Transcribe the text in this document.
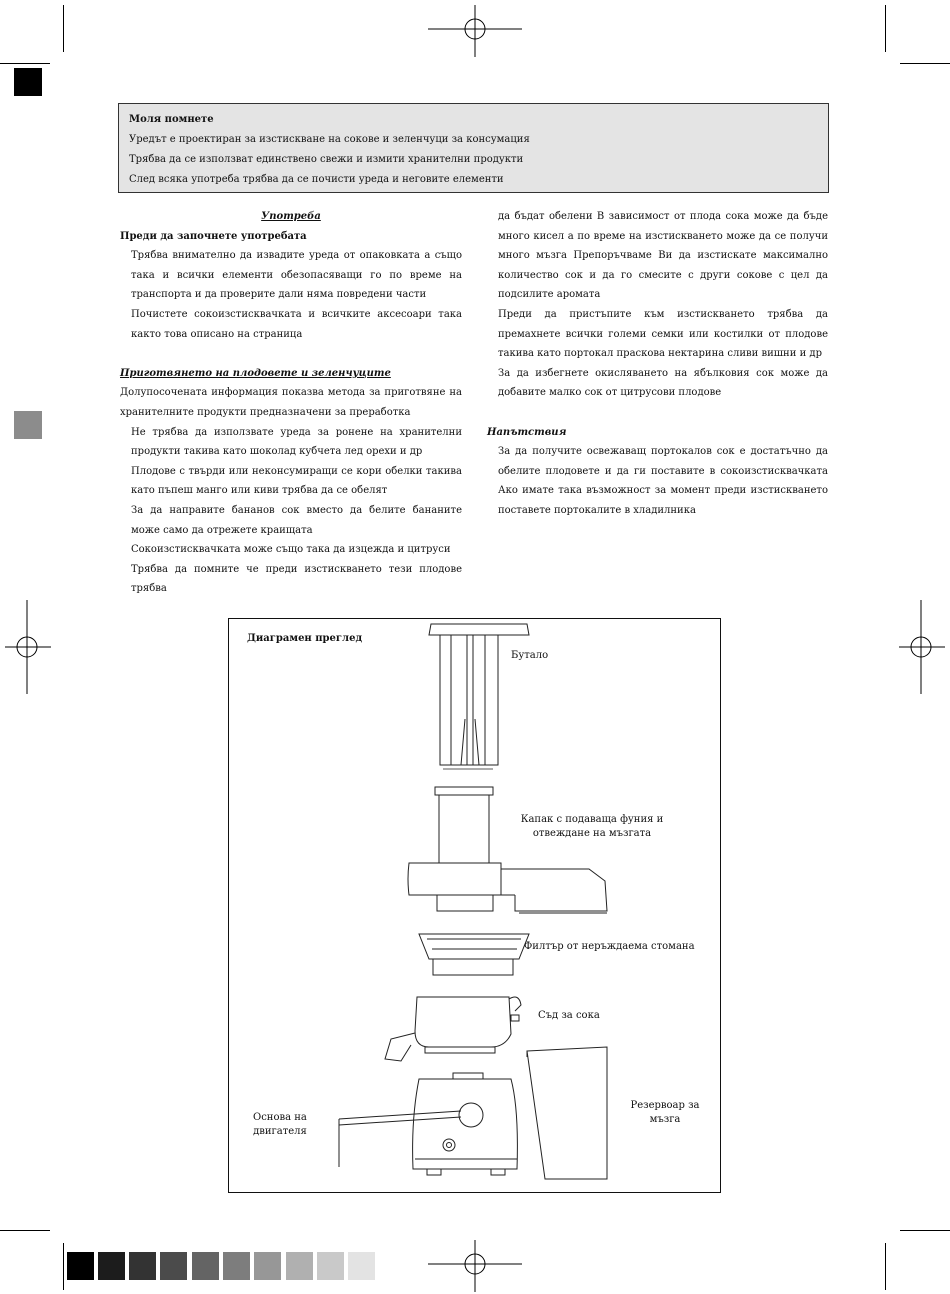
Моля помнете
Уредът е проектиран за изстискване на сокове и зеленчуци за консумация
Трябва да се използват единствено свежи и измити хранителни продукти
След всяка употреба трябва да се почисти уреда и неговите елементи

Употреба

Преди да започнете употребата

Трябва внимателно да извадите уреда от опаковката а също така и всички елементи обезопасяващи го по време на транспорта и да проверите дали няма повредени части

Почистете сокоизстисквачката и всичките аксесоари така както това описано на страница

Приготвянето на плодовете и зеленчуците

Долупосочената информация показва метода за приготвяне на хранителните продукти предназначени за преработка

Не трябва да използвате уреда за ронене на хранителни продукти такива като шоколад кубчета лед орехи и др

Плодове с твърди или неконсумиращи се кори обелки такива като пъпеш манго или киви трябва да се обелят

За да направите бананов сок вместо да белите бананите може само да отрежете краищата

Сокоизстисквачката може също така да изцежда и цитруси

Трябва да помните че преди изстискването тези плодове трябва

да бъдат обелени В зависимост от плода сока може да бъде много кисел а по време на изстискването може да се получи много мъзга Препоръчваме Ви да изстискате максимално количество сок и да го смесите с други сокове с цел да подсилите аромата

Преди да пристъпите към изстискването трябва да премахнете всички големи семки или костилки от плодове такива като портокал праскова нектарина сливи вишни и др

За да избегнете окисляването на ябълковия сок може да добавите малко сок от цитрусови плодове

Напътствия

За да получите освежаващ портокалов сок е достатъчно да обелите плодовете и да ги поставите в сокоизстисквачката Ако имате така възможност за момент преди изстискването поставете портокалите в хладилника

Диаграмен преглед
Бутало
Капак с подаваща фуния и
отвеждане на мъзгата
Филтър от неръждаема стомана
Съд за сока
Резервоар за
мъзга
Основа на
двигателя
